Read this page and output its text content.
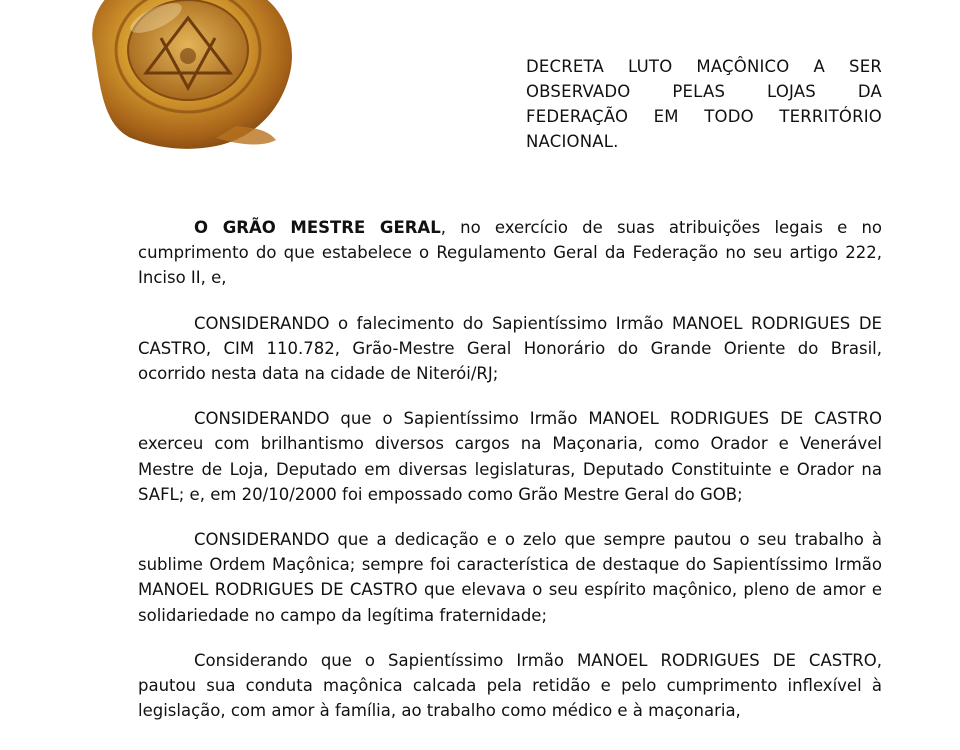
DECRETA LUTO MAÇÔNICO A SER
OBSERVADO PELAS LOJAS DA
FEDERAÇÃO EM TODO TERRITÓRIO
NACIONAL.

O GRÃO MESTRE GERAL, no exercício de suas atribuições legais e no cumprimento do que estabelece o Regulamento Geral da Federação no seu artigo 222, Inciso II, e,

CONSIDERANDO o falecimento do Sapientíssimo Irmão MANOEL RODRIGUES DE CASTRO, CIM 110.782, Grão-Mestre Geral Honorário do Grande Oriente do Brasil, ocorrido nesta data na cidade de Niterói/RJ;

CONSIDERANDO que o Sapientíssimo Irmão MANOEL RODRIGUES DE CASTRO exerceu com brilhantismo diversos cargos na Maçonaria, como Orador e Venerável Mestre de Loja, Deputado em diversas legislaturas, Deputado Constituinte e Orador na SAFL; e, em 20/10/2000 foi empossado como Grão Mestre Geral do GOB;

CONSIDERANDO que a dedicação e o zelo que sempre pautou o seu trabalho à sublime Ordem Maçônica; sempre foi característica de destaque do Sapientíssimo Irmão MANOEL RODRIGUES DE CASTRO que elevava o seu espírito maçônico, pleno de amor e solidariedade no campo da legítima fraternidade;

Considerando que o Sapientíssimo Irmão MANOEL RODRIGUES DE CASTRO, pautou sua conduta maçônica calcada pela retidão e pelo cumprimento inflexível à legislação, com amor à família, ao trabalho como médico e à maçonaria,
